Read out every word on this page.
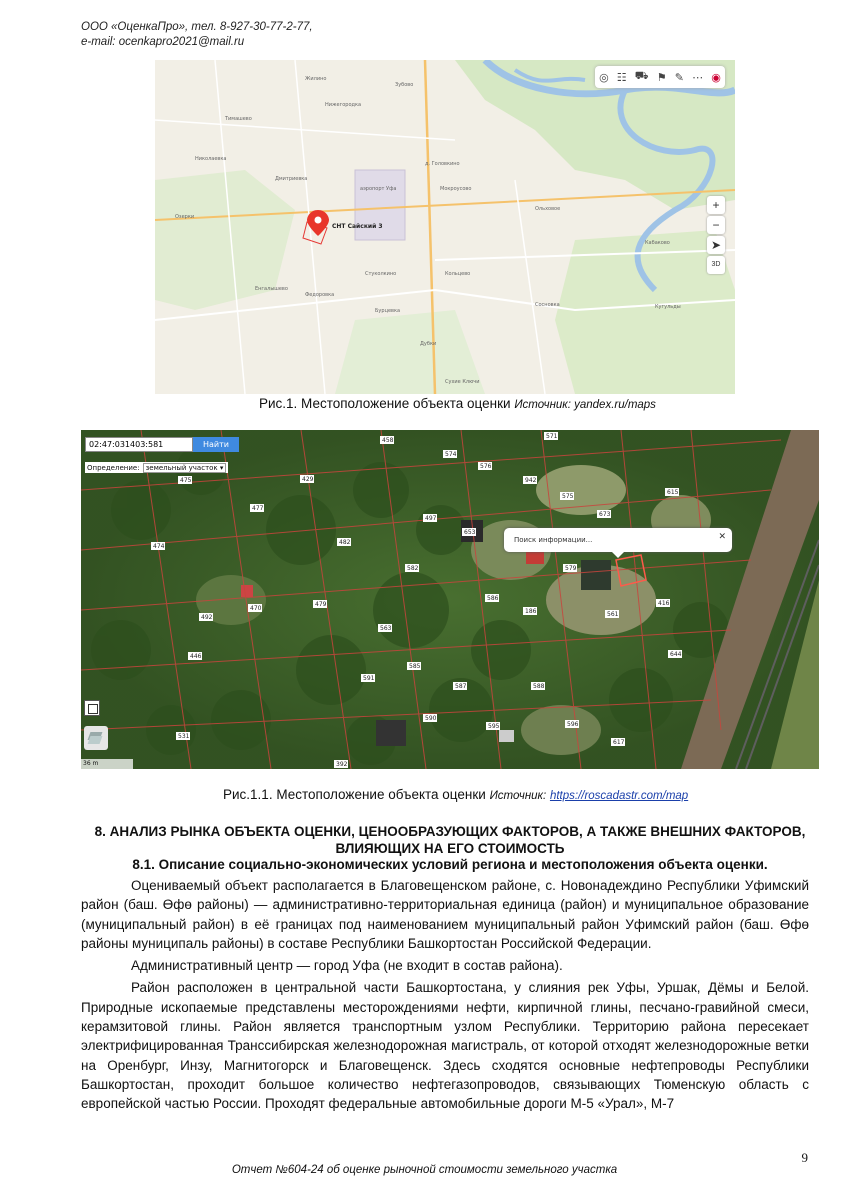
ООО «ОценкаПро», тел. 8-927-30-77-2-77,
e-mail: ocenkapro2021@mail.ru
Зубово
Жилино
Нижегородка
Тимашево
Николаевка
д. Головкино
Дмитриевка
аэропорт Уфа	Мокроусово
Озерки
Ольховое
Стуколкино	Кольцево
Енгалышево
Федоровка
Бурцевка
Сосновка
Кабаково
Кугульды
Дубки
Сухие Ключи
СНТ Сайский 3
◎ ☷ ⛟ ⚑ ✎ ⋯ ◉
+
−
➤
3D
Рис.1. Местоположение объекта оценки Источник: yandex.ru/maps
458
571
574
576
942
575
615
477
475	429
497
653
673
482
579
474
582
586
186	561
416
492
470
479
563
446
591
585
587	588
644
595
590
531
596
617
392
02:47:031403:581
Найти
Определение: земельный участок ▾
Поиск информации...	✕
36 m
Рис.1.1. Местоположение объекта оценки Источник: https://roscadastr.com/map
8. АНАЛИЗ РЫНКА ОБЪЕКТА ОЦЕНКИ, ЦЕНООБРАЗУЮЩИХ ФАКТОРОВ, А ТАКЖЕ ВНЕШНИХ ФАКТОРОВ, ВЛИЯЮЩИХ НА ЕГО СТОИМОСТЬ
8.1. Описание социально-экономических условий региона и местоположения объекта оценки.

Оцениваемый объект располагается в Благовещенском районе, с. Новонадеждино Республики Уфимский район (баш. Өфө районы) — административно-территориальная единица (район) и муниципальное образование (муниципальный район) в её границах под наименованием муниципальный район Уфимский район (баш. Өфө районы муниципаль районы) в составе Республики Башкортостан Российской Федерации.

Административный центр — город Уфа (не входит в состав района).

Район расположен в центральной части Башкортостана, у слияния рек Уфы, Уршак, Дёмы и Белой. Природные ископаемые представлены месторождениями нефти, кирпичной глины, песчано-гравийной смеси, керамзитовой глины. Район является транспортным узлом Республики. Территорию района пересекает электрифицированная Транссибирская железнодорожная магистраль, от которой отходят железнодорожные ветки на Оренбург, Инзу, Магнитогорск и Благовещенск. Здесь сходятся основные нефтепроводы Республики Башкортостан, проходит большое количество нефтегазопроводов, связывающих Тюменскую область с европейской частью России. Проходят федеральные автомобильные дороги М-5 «Урал», М-7

9
Отчет №604-24 об оценке рыночной стоимости земельного участка
